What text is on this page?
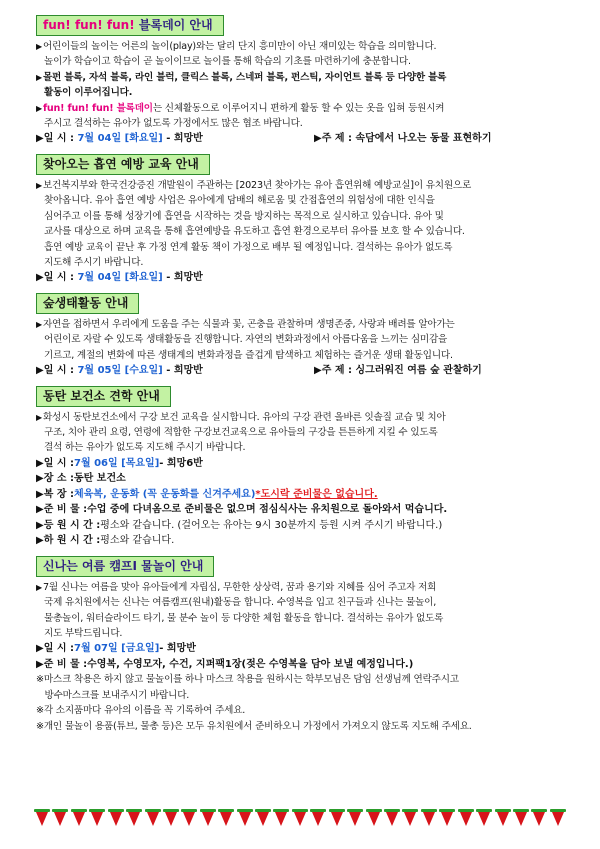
fun! fun! fun! 블록데이 안내
▶어린이들의 놀이는 어른의 놀이(play)와는 달리 단지 흥미만이 아닌 재미있는 학습을 의미합니다.
놀이가 학습이고 학습이 곧 놀이이므로 놀이를 통해 학습의 기초를 마련하기에 충분합니다.
▶몰펀 블록, 자석 블록, 라인 블럭, 클릭스 블록, 스네퍼 블록, 펀스틱, 자이언트 블록 등 다양한 블록
활동이 이루어집니다.
▶fun! fun! fun! 블록데이는 신체활동으로 이루어지니 편하게 활동 할 수 있는 옷을 입혀 등원시켜
주시고 결석하는 유아가 없도록 가정에서도 많은 협조 바랍니다.
▶일 시 : 7월 04일 [화요일] - 희망반	▶주 제 : 속담에서 나오는 동물 표현하기
찾아오는 흡연 예방 교육 안내
▶보건복지부와 한국건강증진 개발원이 주관하는 [2023년 찾아가는 유아 흡연위해 예방교실]이 유치원으로
찾아옵니다. 유아 흡연 예방 사업은 유아에게 담배의 해로움 및 간접흡연의 위험성에 대한 인식을
심어주고 이를 통해 성장기에 흡연을 시작하는 것을 방지하는 목적으로 실시하고 있습니다. 유아 및
교사를 대상으로 하며 교육을 통해 흡연예방을 유도하고 흡연 환경으로부터 유아를 보호 할 수 있습니다.
흡연 예방 교육이 끝난 후 가정 연계 활동 책이 가정으로 배부 될 예정입니다. 결석하는 유아가 없도록
지도해 주시기 바랍니다.
▶일 시 : 7월 04일 [화요일] - 희망반
숲생태활동 안내
▶자연을 접하면서 우리에게 도움을 주는 식물과 꽃, 곤충을 관찰하며 생명존중, 사랑과 배려를 알아가는
어린이로 자랄 수 있도록 생태활동을 진행합니다. 자연의 변화과정에서 아름다움을 느끼는 심미감을
기르고, 계절의 변화에 따른 생태계의 변화과정을 즐겁게 탐색하고 체험하는 즐거운 생태 활동입니다.
▶일 시 : 7월 05일 [수요일] - 희망반	▶주 제 : 싱그러워진 여름 숲 관찰하기
동탄 보건소 견학 안내
▶화성시 동탄보건소에서 구강 보건 교육을 실시합니다. 유아의 구강 관련 올바른 잇솔질 교습 및 치아
구조, 치아 관리 요령, 연령에 적합한 구강보건교육으로 유아들의 구강을 튼튼하게 지킬 수 있도록
결석 하는 유아가 없도록 지도해 주시기 바랍니다.
▶일 시 : 7월 06일 [목요일] - 희망6반
▶장 소 : 동탄 보건소
▶복 장 : 체육복, 운동화 (꼭 운동화를 신겨주세요) *도시락 준비물은 없습니다.
▶준 비 물 : 수업 중에 다녀옴으로 준비물은 없으며 점심식사는 유치원으로 돌아와서 먹습니다.
▶등 원 시 간 : 평소와 같습니다. (걸어오는 유아는 9시 30분까지 등원 시켜 주시기 바랍니다.)
▶하 원 시 간 : 평소와 같습니다.
신나는 여름 캠프Ⅰ 물놀이 안내
▶7월 신나는 여름을 맞아 유아들에게 자립심, 무한한 상상력, 꿈과 용기와 지혜를 심어 주고자 저희
국제 유치원에서는 신나는 여름캠프(원내)활동을 합니다. 수영복을 입고 친구들과 신나는 물놀이,
물총놀이, 워터슬라이드 타기, 물 분수 놀이 등 다양한 체험 활동을 합니다. 결석하는 유아가 없도록
지도 부탁드립니다.
▶일 시 : 7월 07일 [금요일] - 희망반
▶준 비 물 : 수영복, 수영모자, 수건, 지퍼팩1장(젖은 수영복을 담아 보낼 예정입니다.)
※마스크 착용은 하지 않고 물놀이를 하나 마스크 착용을 원하시는 학부모님은 담임 선생님께 연락주시고
방수마스크를 보내주시기 바랍니다.
※각 소지품마다 유아의 이름을 꼭 기록하여 주세요.
※개인 물놀이 용품(튜브, 물총 등)은 모두 유치원에서 준비하오니 가정에서 가져오지 않도록 지도해 주세요.
